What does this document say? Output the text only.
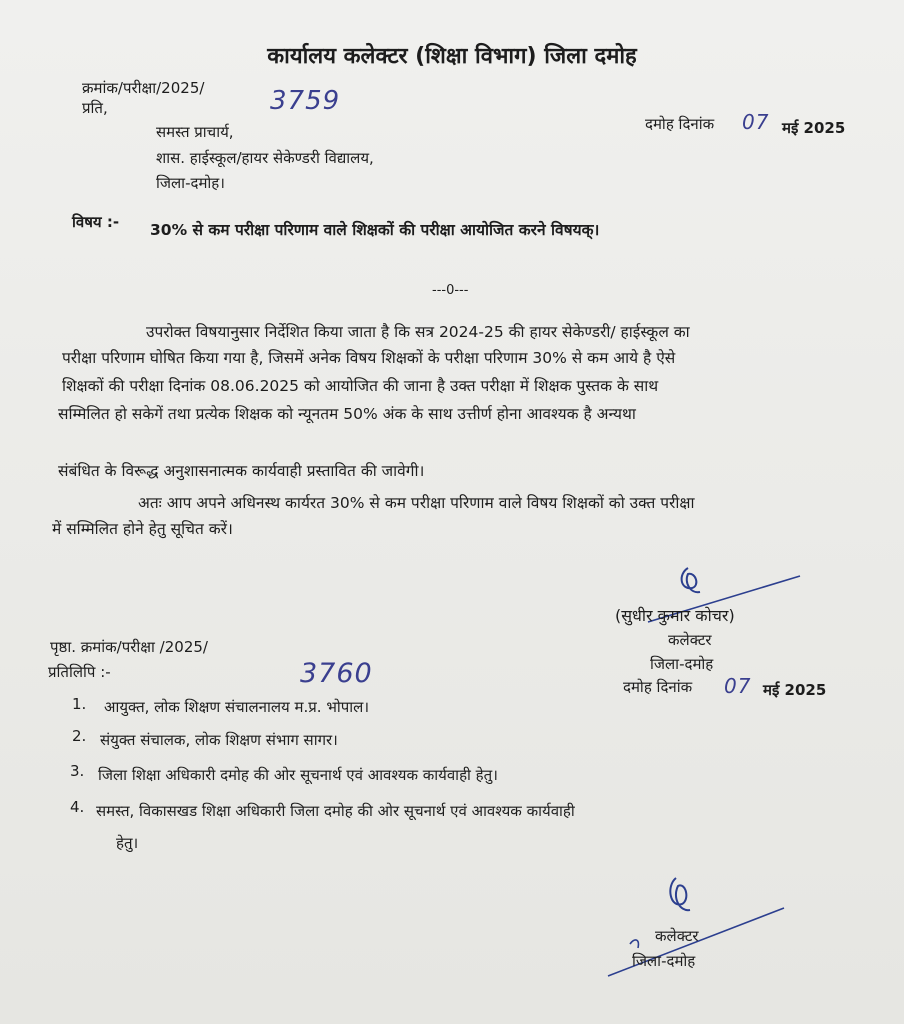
कार्यालय कलेक्टर (शिक्षा विभाग) जिला दमोह
क्रमांक/परीक्षा/2025/	3759
प्रति,
दमोह दिनांक 07 मई 2025
समस्त प्राचार्य,
शास. हाईस्कूल/हायर सेकेण्डरी विद्यालय,
जिला-दमोह।
विषय :- 30% से कम परीक्षा परिणाम वाले शिक्षकों की परीक्षा आयोजित करने विषयक्।
---0---
उपरोक्त विषयानुसार निर्देशित किया जाता है कि सत्र 2024-25 की हायर सेकेण्डरी/ हाईस्कूल का
परीक्षा परिणाम घोषित किया गया है, जिसमें अनेक विषय शिक्षकों के परीक्षा परिणाम 30% से कम आये है ऐसे
शिक्षकों की परीक्षा दिनांक 08.06.2025 को आयोजित की जाना है उक्त परीक्षा में शिक्षक पुस्तक के साथ
सम्मिलित हो सकेगें तथा प्रत्येक शिक्षक को न्यूनतम 50% अंक के साथ उत्तीर्ण होना आवश्यक है अन्यथा
संबंधित के विरूद्ध अनुशासनात्मक कार्यवाही प्रस्तावित की जावेगी।
अतः आप अपने अधिनस्थ कार्यरत 30% से कम परीक्षा परिणाम वाले विषय शिक्षकों को उक्त परीक्षा
में सम्मिलित होने हेतु सूचित करें।
(सुधीर कुमार कोचर)
कलेक्टर
जिला-दमोह
पृष्ठा. क्रमांक/परीक्षा /2025/
3760
प्रतिलिपि :-
दमोह दिनांक 07 मई 2025
1. आयुक्त, लोक शिक्षण संचालनालय म.प्र. भोपाल।
2. संयुक्त संचालक, लोक शिक्षण संभाग सागर।
3. जिला शिक्षा अधिकारी दमोह की ओर सूचनार्थ एवं आवश्यक कार्यवाही हेतु।
4. समस्त, विकासखड शिक्षा अधिकारी जिला दमोह की ओर सूचनार्थ एवं आवश्यक कार्यवाही
हेतु।
कलेक्टर
जिला-दमोह
